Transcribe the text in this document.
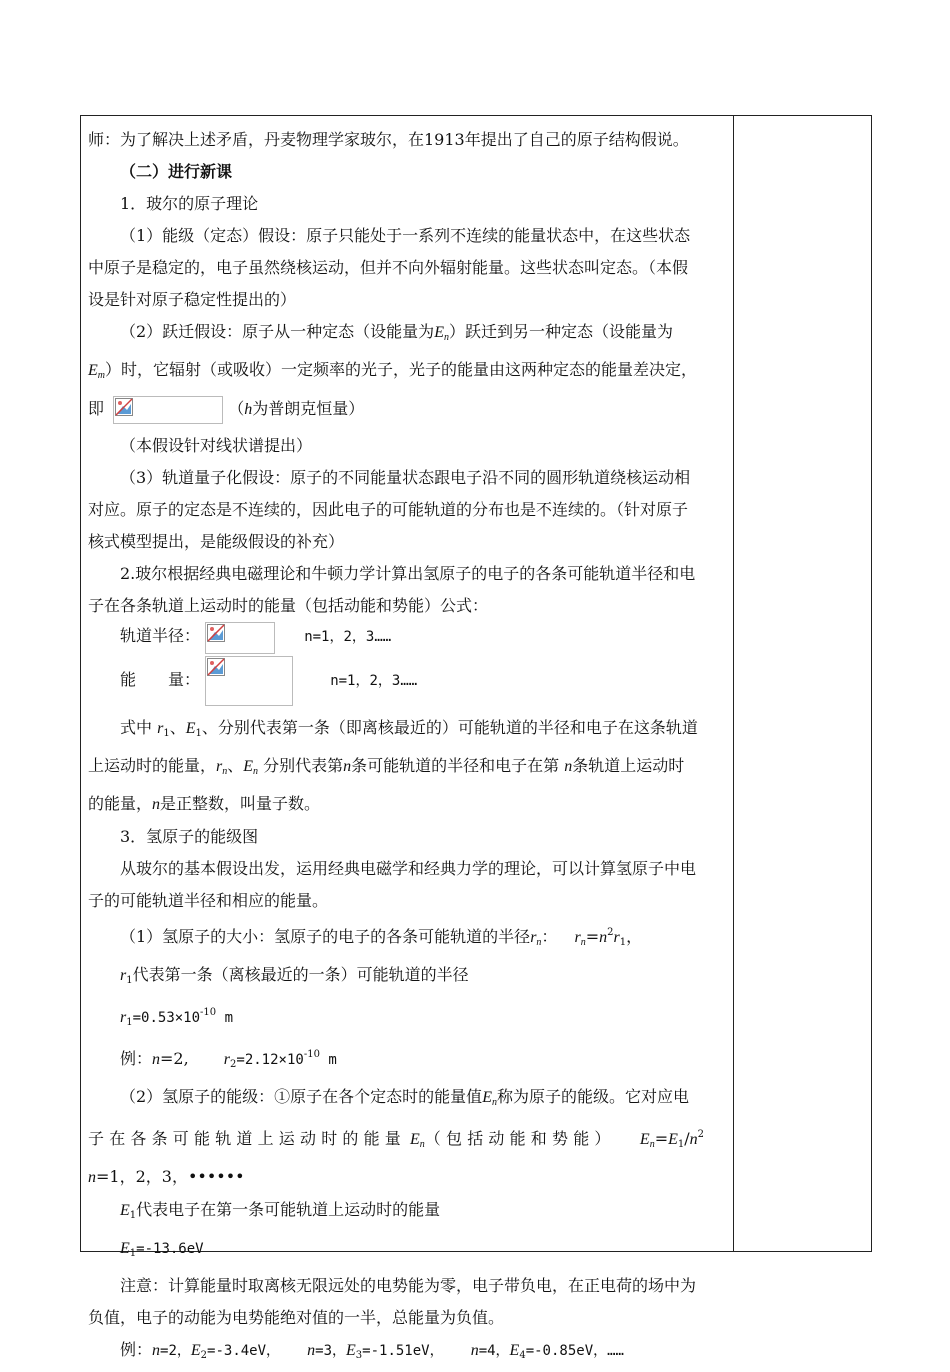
师：为了解决上述矛盾，丹麦物理学家玻尔，在1913年提出了自己的原子结构假说。
（二）进行新课
1．玻尔的原子理论
（1）能级（定态）假设：原子只能处于一系列不连续的能量状态中，在这些状态
中原子是稳定的，电子虽然绕核运动，但并不向外辐射能量。这些状态叫定态。（本假
设是针对原子稳定性提出的）
（2）跃迁假设：原子从一种定态（设能量为$E_n$）跃迁到另一种定态（设能量为
$E_m$）时，它辐射（或吸收）一定频率的光子，光子的能量由这两种定态的能量差决定，
即	（h为普朗克恒量）
（本假设针对线状谱提出）
（3）轨道量子化假设：原子的不同能量状态跟电子沿不同的圆形轨道绕核运动相
对应。原子的定态是不连续的，因此电子的可能轨道的分布也是不连续的。（针对原子
核式模型提出，是能级假设的补充）
2.玻尔根据经典电磁理论和牛顿力学计算出氢原子的电子的各条可能轨道半径和电
子在各条轨道上运动时的能量（包括动能和势能）公式：
轨道半径：	n=1，2，3……
能　　量：	n=1，2，3……
式中 $r_1$、$E_1$、分别代表第一条（即离核最近的）可能轨道的半径和电子在这条轨道
上运动时的能量，$r_n$、$E_n$ 分别代表第n条可能轨道的半径和电子在第 n条轨道上运动时
的能量，n是正整数，叫量子数。
3．氢原子的能级图
从玻尔的基本假设出发，运用经典电磁学和经典力学的理论，可以计算氢原子中电
子的可能轨道半径和相应的能量。
（1）氢原子的大小：氢原子的电子的各条可能轨道的半径$r_n$： $r_n=n^2r_1$，
$r_1$代表第一条（离核最近的一条）可能轨道的半径
$r_1=0.53\times 10^{-10}$ m
例：n=2, $r_2=2.12\times 10^{-10}$ m
（2）氢原子的能级：①原子在各个定态时的能量值$E_n$称为原子的能级。它对应电
子在各条可能轨道上运动时的能量 $E_n$（包括动能和势能） $E_n=E_1/n^2$
n=1，2，3，••••••
$E_1$代表电子在第一条可能轨道上运动时的能量
$E_1=-13.6eV$
注意：计算能量时取离核无限远处的电势能为零，电子带负电，在正电荷的场中为
负值，电子的动能为电势能绝对值的一半，总能量为负值。
例：n=2，$E_2=-3.4eV$， n=3，$E_3=-1.51eV$， n=4，$E_4=-0.85eV$，……
